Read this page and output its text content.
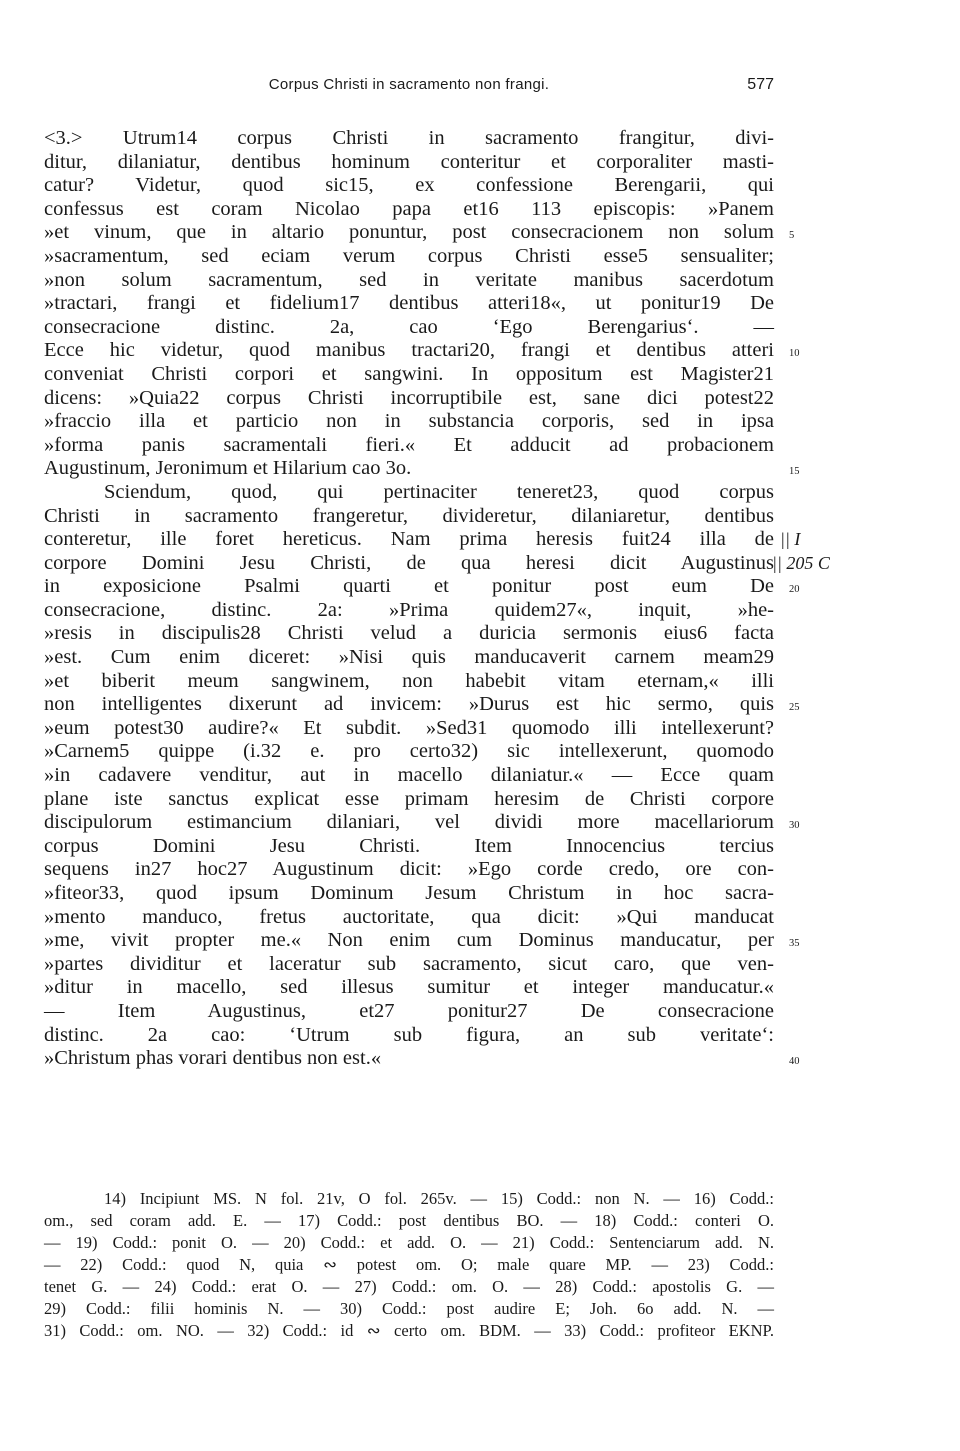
Corpus Christi in sacramento non frangi.	577
<3.> Utrum14 corpus Christi in sacramento frangitur, divi-
ditur, dilaniatur, dentibus hominum conteritur et corporaliter masti-
catur? Videtur, quod sic15, ex confessione Berengarii, qui
confessus est coram Nicolao papa et16 113 episcopis: »Panem
»et vinum, que in altario ponuntur, post consecracionem non solum 5
»sacramentum, sed eciam verum corpus Christi esse5 sensualiter;
»non solum sacramentum, sed in veritate manibus sacerdotum
»tractari, frangi et fidelium17 dentibus atteri18«, ut ponitur19 De
consecracione distinc. 2a, cao ‘Ego Berengarius‘. —
Ecce hic videtur, quod manibus tractari20, frangi et dentibus atteri 10
conveniat Christi corpori et sangwini. In oppositum est Magister21
dicens: »Quia22 corpus Christi incorruptibile est, sane dici potest22
»fraccio illa et particio non in substancia corporis, sed in ipsa
»forma panis sacramentali fieri.« Et adducit ad probacionem
Augustinum, Jeronimum et Hilarium cao 3o.	15
Sciendum, quod, qui pertinaciter teneret23, quod corpus
Christi in sacramento frangeretur, divideretur, dilaniaretur, dentibus
conteretur, ille foret hereticus. Nam prima heresis fuit24 illa de || I
corpore Domini Jesu Christi, de qua heresi dicit Augustinus
|| 205 C
in exposicione Psalmi quarti et ponitur post eum De 20
consecracione, distinc. 2a: »Prima quidem27«, inquit, »he-
»resis in discipulis28 Christi velud a duricia sermonis eius6 facta
»est. Cum enim diceret: »Nisi quis manducaverit carnem meam29
»et biberit meum sangwinem, non habebit vitam eternam,« illi
non intelligentes dixerunt ad invicem: »Durus est hic sermo, quis 25
»eum potest30 audire?« Et subdit. »Sed31 quomodo illi intellexerunt?
»Carnem5 quippe (i.32 e. pro certo32) sic intellexerunt, quomodo
»in cadavere venditur, aut in macello dilaniatur.« — Ecce quam
plane iste sanctus explicat esse primam heresim de Christi corpore
discipulorum estimancium dilaniari, vel dividi more macellariorum 30
corpus Domini Jesu Christi. Item Innocencius tercius
sequens in27 hoc27 Augustinum dicit: »Ego corde credo, ore con-
»fiteor33, quod ipsum Dominum Jesum Christum in hoc sacra-
»mento manduco, fretus auctoritate, qua dicit: »Qui manducat
»me, vivit propter me.« Non enim cum Dominus manducatur, per 35
»partes dividitur et laceratur sub sacramento, sicut caro, que ven-
»ditur in macello, sed illesus sumitur et integer manducatur.«
— Item Augustinus, et27 ponitur27 De consecracione
distinc. 2a cao: ‘Utrum sub figura, an sub veritate‘:
»Christum phas vorari dentibus non est.«	40
14) Incipiunt MS. N fol. 21v, O fol. 265v. — 15) Codd.: non N. — 16) Codd.:
om., sed coram add. E. — 17) Codd.: post dentibus BO. — 18) Codd.: conteri O.
— 19) Codd.: ponit O. — 20) Codd.: et add. O. — 21) Codd.: Sentenciarum add. N.
— 22) Codd.: quod N, quia ∾ potest om. O; male quare MP. — 23) Codd.:
tenet G. — 24) Codd.: erat O. — 27) Codd.: om. O. — 28) Codd.: apostolis G. —
29) Codd.: filii hominis N. — 30) Codd.: post audire E; Joh. 6o add. N. —
31) Codd.: om. NO. — 32) Codd.: id ∾ certo om. BDM. — 33) Codd.: profiteor EKNP.
